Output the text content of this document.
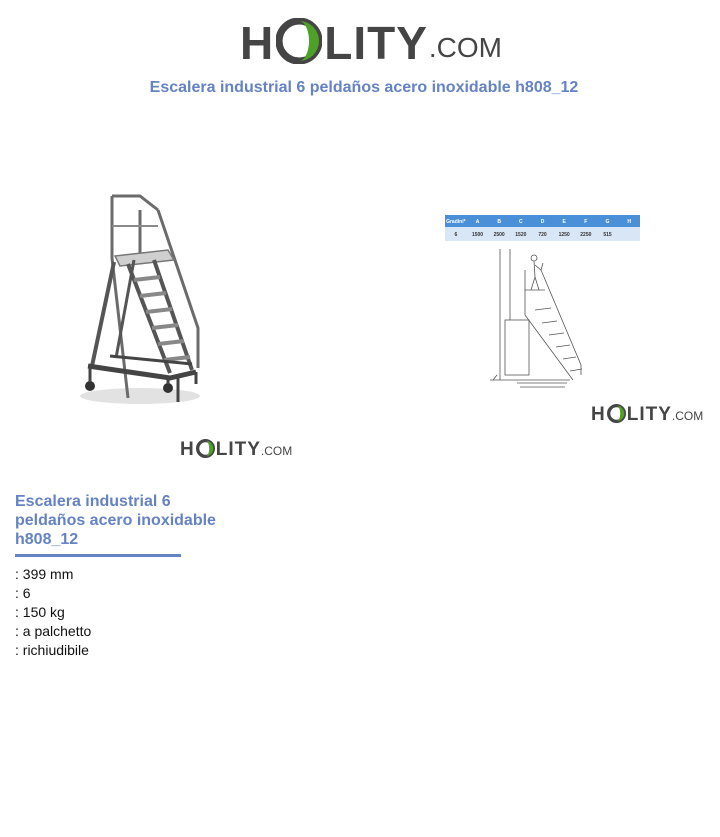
H LITY .COM
Escalera industrial 6 peldaños acero inoxidable h808_12
H LITY .COM
Gradini* A	B	C	D	E	F	G	H
6	1500 2500 1520 720 1250 2250 515
H LITY .COM
Escalera industrial 6 peldaños acero inoxidable h808_12
: 399 mm
: 6
: 150 kg
: a palchetto
: richiudibile
